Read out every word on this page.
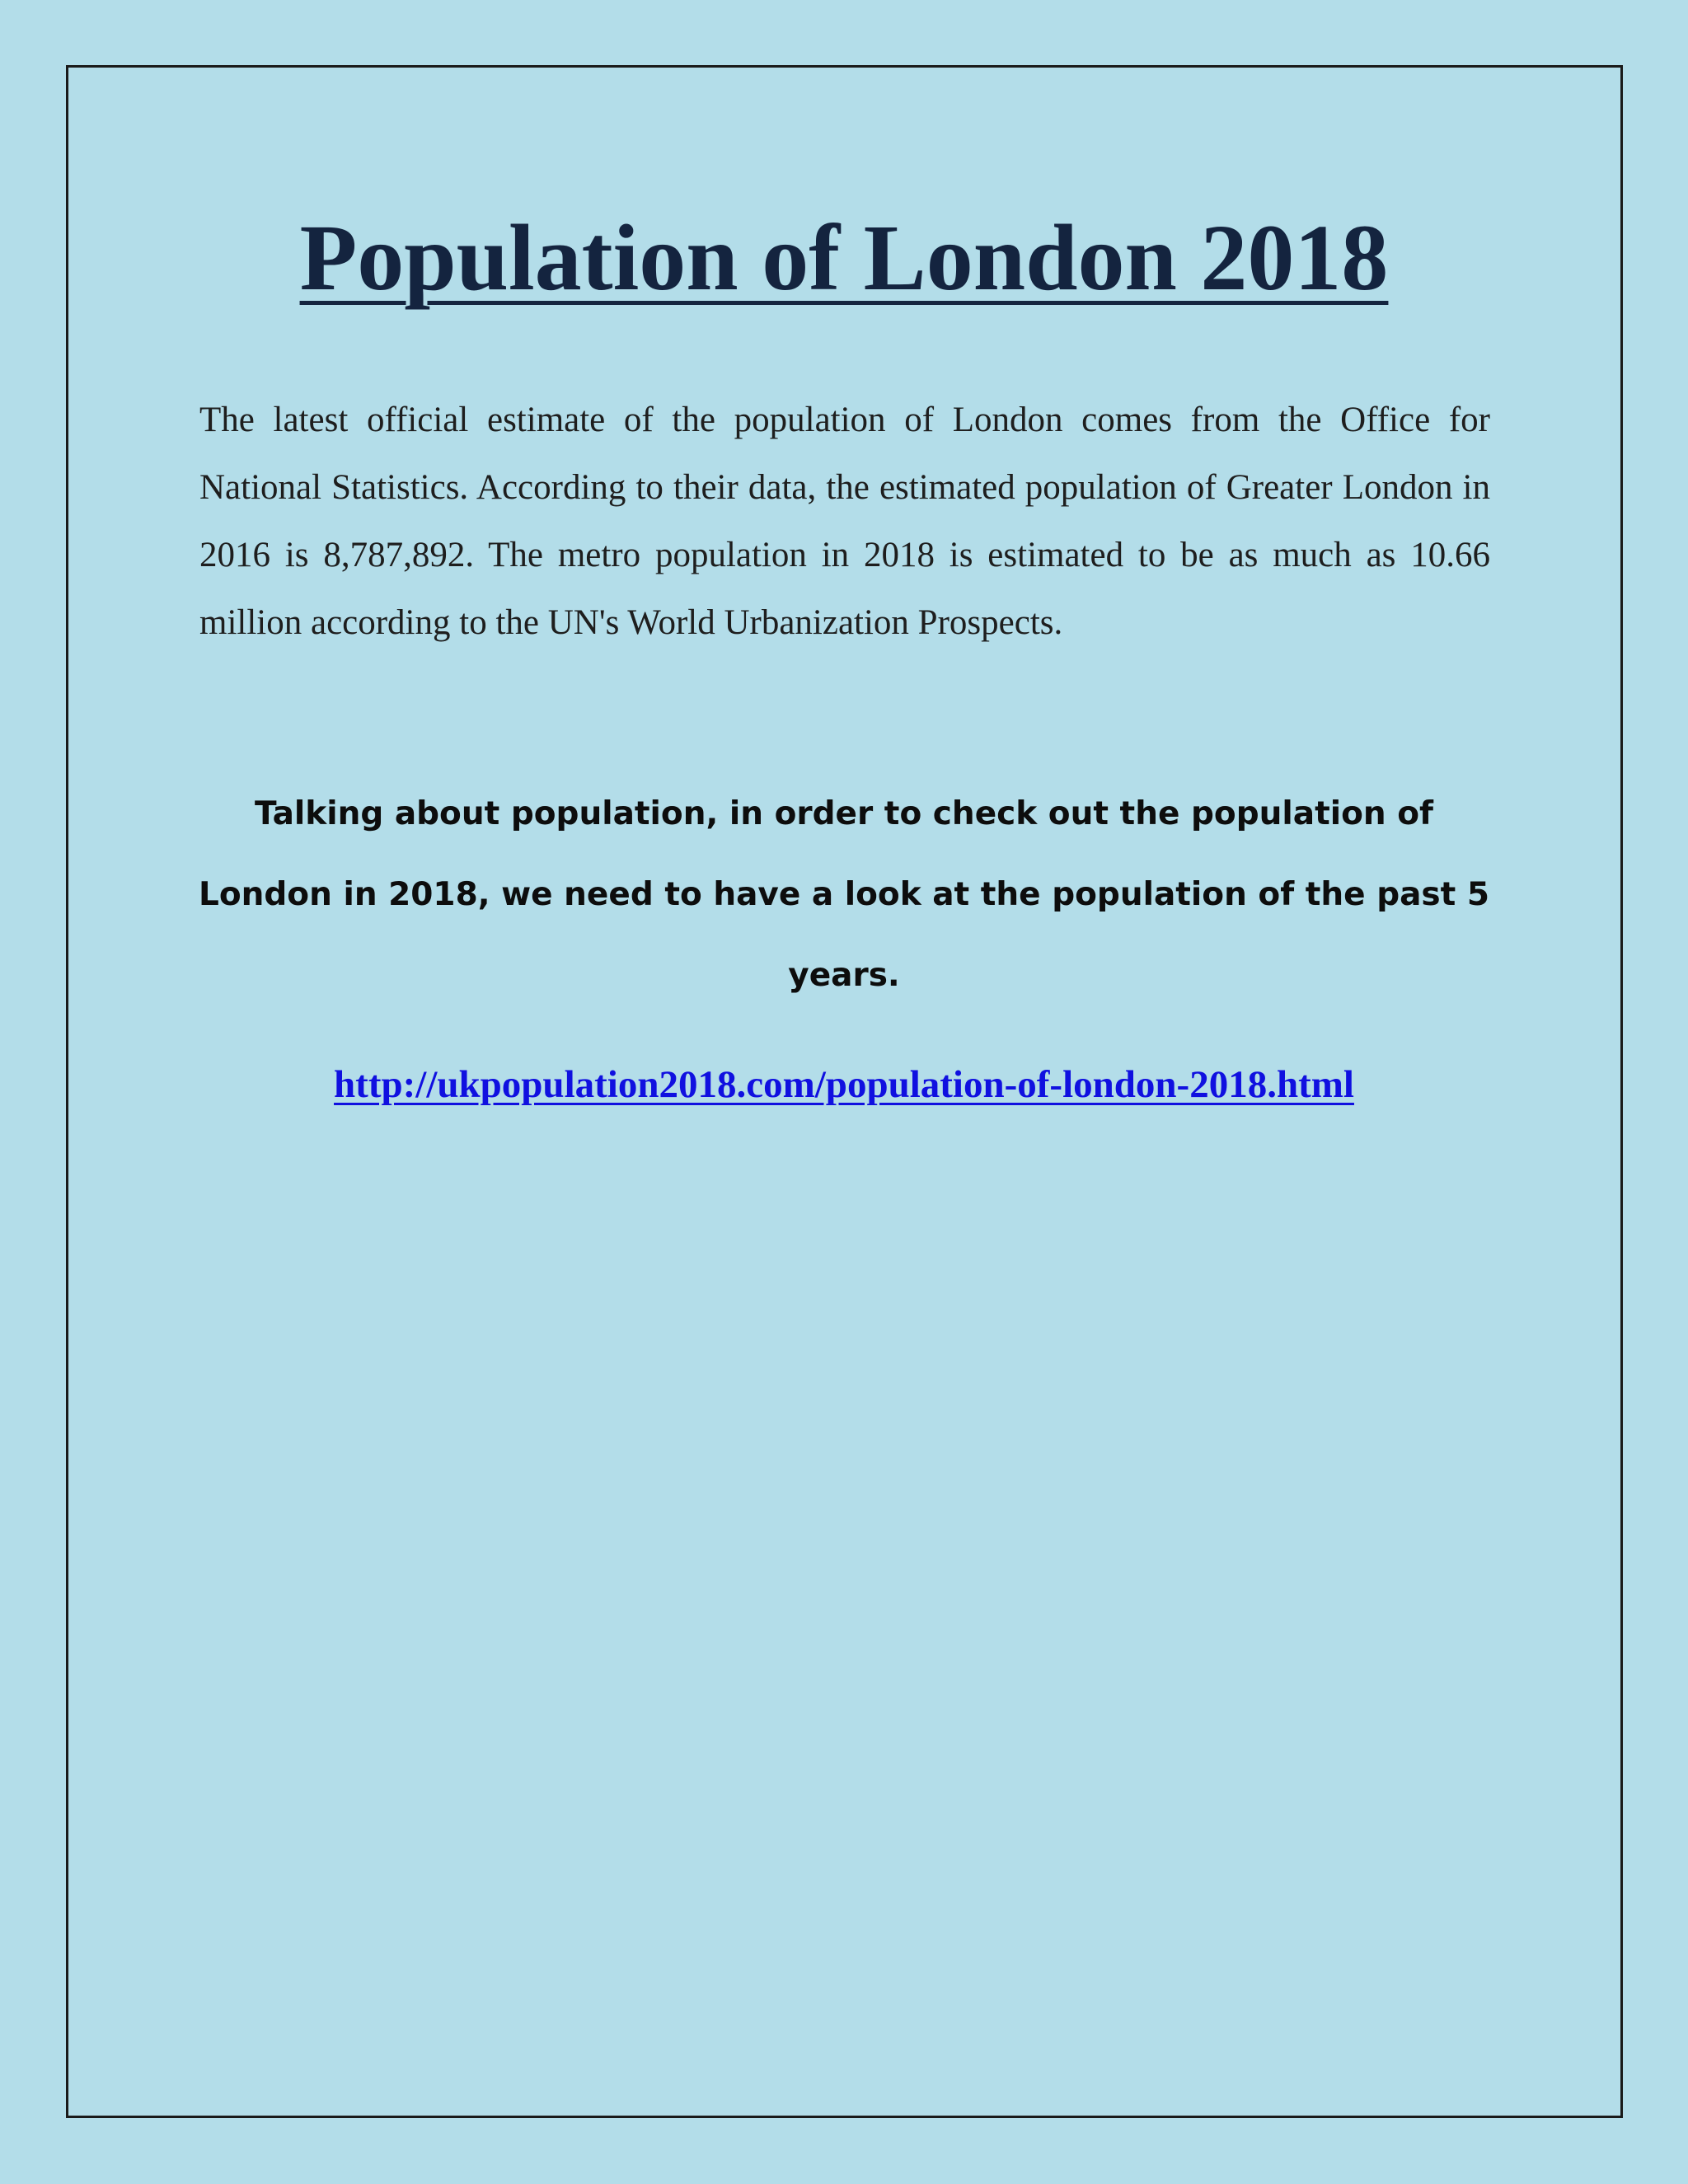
Population of London 2018

The latest official estimate of the population of London comes from the Office for National Statistics. According to their data, the estimated population of Greater London in 2016 is 8,787,892. The metro population in 2018 is estimated to be as much as 10.66 million according to the UN's World Urbanization Prospects.

Talking about population, in order to check out the population of London in 2018, we need to have a look at the population of the past 5 years.

http://ukpopulation2018.com/population-of-london-2018.html
